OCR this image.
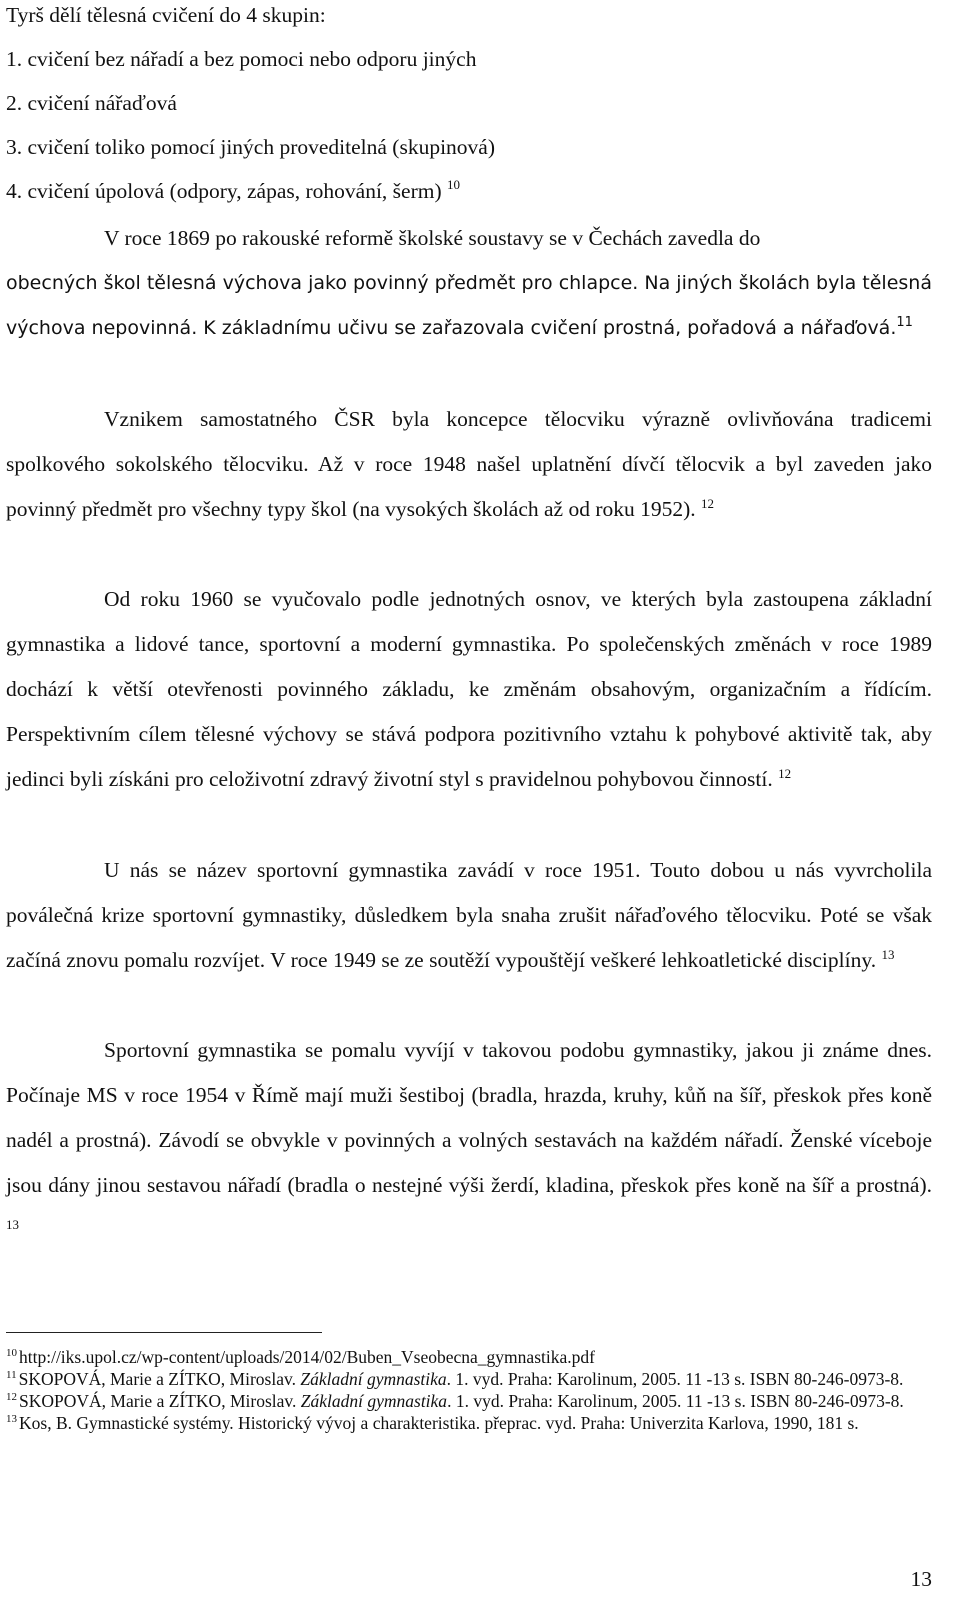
Tyrš dělí tělesná cvičení do 4 skupin:

1. cvičení bez nářadí a bez pomoci nebo odporu jiných

2. cvičení nářaďová

3. cvičení toliko pomocí jiných proveditelná (skupinová)

4. cvičení úpolová (odpory, zápas, rohování, šerm) $^{10}$

V roce 1869 po rakouské reformě školské soustavy se v Čechách zavedla do

obecných škol tělesná výchova jako povinný předmět pro chlapce. Na jiných školách byla tělesná výchova nepovinná. K základnímu učivu se zařazovala cvičení prostná, pořadová a nářaďová.$^{11}$

Vznikem samostatného ČSR byla koncepce tělocviku výrazně ovlivňována tradicemi spolkového sokolského tělocviku. Až v roce 1948 našel uplatnění dívčí tělocvik a byl zaveden jako povinný předmět pro všechny typy škol (na vysokých školách až od roku 1952). $^{12}$

Od roku 1960 se vyučovalo podle jednotných osnov, ve kterých byla zastoupena základní gymnastika a lidové tance, sportovní a moderní gymnastika. Po společenských změnách v roce 1989 dochází k větší otevřenosti povinného základu, ke změnám obsahovým, organizačním a řídícím. Perspektivním cílem tělesné výchovy se stává podpora pozitivního vztahu k pohybové aktivitě tak, aby jedinci byli získáni pro celoživotní zdravý životní styl s pravidelnou pohybovou činností. $^{12}$

U nás se název sportovní gymnastika zavádí v roce 1951. Touto dobou u nás vyvrcholila poválečná krize sportovní gymnastiky, důsledkem byla snaha zrušit nářaďového tělocviku. Poté se však začíná znovu pomalu rozvíjet. V roce 1949 se ze soutěží vypouštějí veškeré lehkoatletické disciplíny. $^{13}$

Sportovní gymnastika se pomalu vyvíjí v takovou podobu gymnastiky, jakou ji známe dnes. Počínaje MS v roce 1954 v Římě mají muži šestiboj (bradla, hrazda, kruhy, kůň na šíř, přeskok přes koně nadél a prostná). Závodí se obvykle v povinných a volných sestavách na každém nářadí. Ženské víceboje jsou dány jinou sestavou nářadí (bradla o nestejné výši žerdí, kladina, přeskok přes koně na šíř a prostná). $^{13}$

$^{10}$ http://iks.upol.cz/wp-content/uploads/2014/02/Buben_Vseobecna_gymnastika.pdf

$^{11}$ SKOPOVÁ, Marie a ZÍTKO, Miroslav. Základní gymnastika. 1. vyd. Praha: Karolinum, 2005. 11 -13 s. ISBN 80-246-0973-8.

$^{12}$ SKOPOVÁ, Marie a ZÍTKO, Miroslav. Základní gymnastika. 1. vyd. Praha: Karolinum, 2005. 11 -13 s. ISBN 80-246-0973-8.

$^{13}$ Kos, B. Gymnastické systémy. Historický vývoj a charakteristika. přeprac. vyd. Praha: Univerzita Karlova, 1990, 181 s.

13
